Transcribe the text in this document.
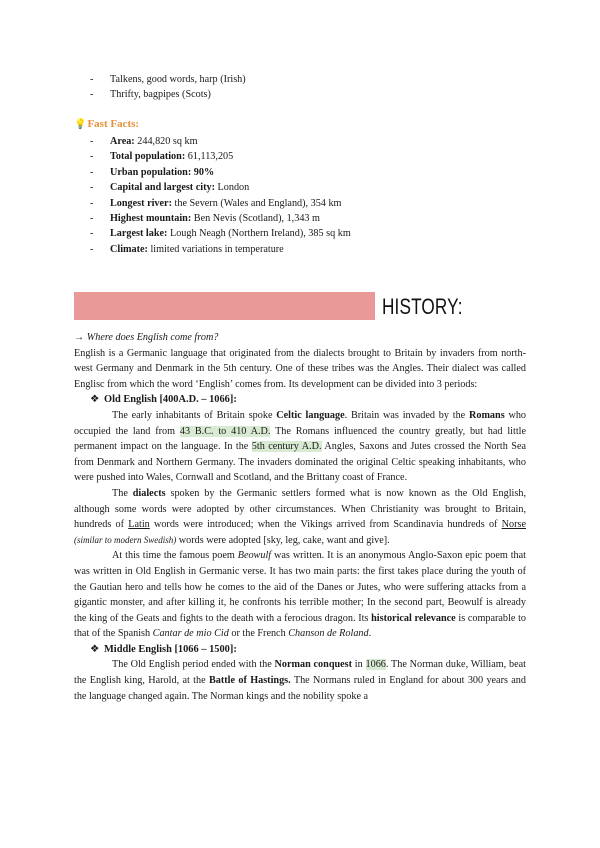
- Talkens, good words, harp (Irish)
- Thrifty, bagpipes (Scots)
💡Fast Facts:
- Area: 244,820 sq km
- Total population: 61,113,205
- Urban population: 90%
- Capital and largest city: London
- Longest river: the Severn (Wales and England), 354 km
- Highest mountain: Ben Nevis (Scotland), 1,343 m
- Largest lake: Lough Neagh (Northern Ireland), 385 sq km
- Climate: limited variations in temperature
HISTORY:

→ Where does English come from?

English is a Germanic language that originated from the dialects brought to Britain by invaders from north-west Germany and Denmark in the 5th century. One of these tribes was the Angles. Their dialect was called Englisc from which the word ‘English’ comes from. Its development can be divided into 3 periods:

❖ Old English [400A.D. – 1066]:

The early inhabitants of Britain spoke Celtic language. Britain was invaded by the Romans who occupied the land from 43 B.C. to 410 A.D. The Romans influenced the country greatly, but had little permanent impact on the language. In the 5th century A.D. Angles, Saxons and Jutes crossed the North Sea from Denmark and Northern Germany. The invaders dominated the original Celtic speaking inhabitants, who were pushed into Wales, Cornwall and Scotland, and the Brittany coast of France.

The dialects spoken by the Germanic settlers formed what is now known as the Old English, although some words were adopted by other circumstances. When Christianity was brought to Britain, hundreds of Latin words were introduced; when the Vikings arrived from Scandinavia hundreds of Norse (similar to modern Swedish) words were adopted [sky, leg, cake, want and give].

At this time the famous poem Beowulf was written. It is an anonymous Anglo-Saxon epic poem that was written in Old English in Germanic verse. It has two main parts: the first takes place during the youth of the Gautian hero and tells how he comes to the aid of the Danes or Jutes, who were suffering attacks from a gigantic monster, and after killing it, he confronts his terrible mother; In the second part, Beowulf is already the king of the Geats and fights to the death with a ferocious dragon. Its historical relevance is comparable to that of the Spanish Cantar de mio Cid or the French Chanson de Roland.

❖ Middle English [1066 – 1500]:

The Old English period ended with the Norman conquest in 1066. The Norman duke, William, beat the English king, Harold, at the Battle of Hastings. The Normans ruled in England for about 300 years and the language changed again. The Norman kings and the nobility spoke a
